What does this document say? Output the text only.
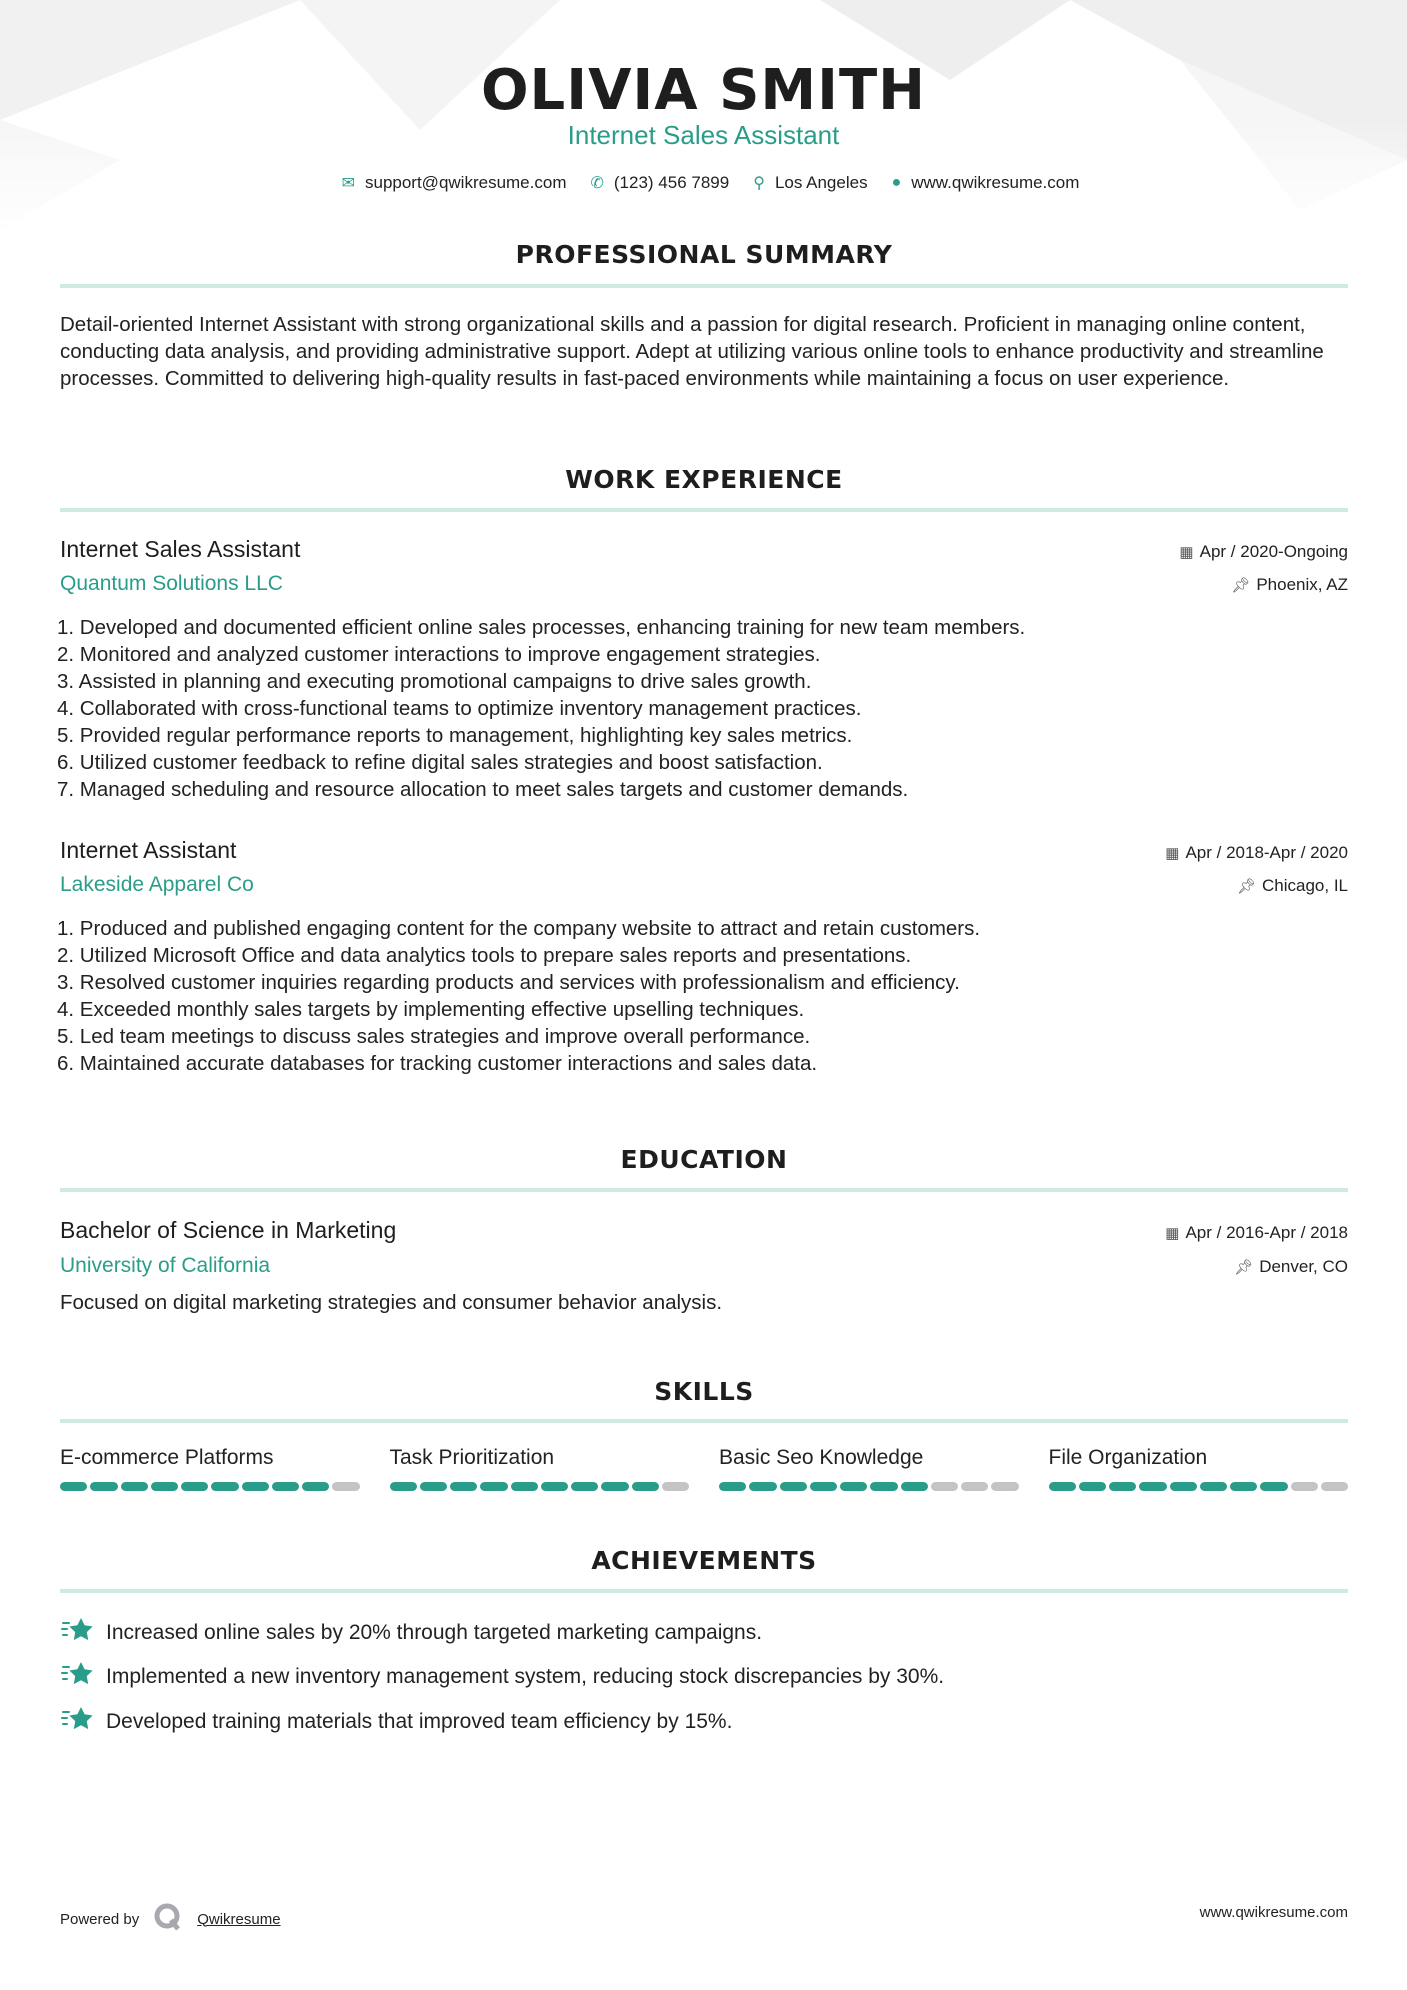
OLIVIA SMITH
Internet Sales Assistant
✉ support@qwikresume.com ✆ (123) 456 7899 ⚲ Los Angeles ● www.qwikresume.com
PROFESSIONAL SUMMARY
Detail-oriented Internet Assistant with strong organizational skills and a passion for digital research. Proficient in managing online content, conducting data analysis, and providing administrative support. Adept at utilizing various online tools to enhance productivity and streamline processes. Committed to delivering high-quality results in fast-paced environments while maintaining a focus on user experience.
WORK EXPERIENCE
Internet Sales Assistant	▦ Apr / 2020-Ongoing
Quantum Solutions LLC	📌︎ Phoenix, AZ
1. Developed and documented efficient online sales processes, enhancing training for new team members.
2. Monitored and analyzed customer interactions to improve engagement strategies.
3. Assisted in planning and executing promotional campaigns to drive sales growth.
4. Collaborated with cross-functional teams to optimize inventory management practices.
5. Provided regular performance reports to management, highlighting key sales metrics.
6. Utilized customer feedback to refine digital sales strategies and boost satisfaction.
7. Managed scheduling and resource allocation to meet sales targets and customer demands.
Internet Assistant	▦ Apr / 2018-Apr / 2020
Lakeside Apparel Co	📌︎ Chicago, IL
1. Produced and published engaging content for the company website to attract and retain customers.
2. Utilized Microsoft Office and data analytics tools to prepare sales reports and presentations.
3. Resolved customer inquiries regarding products and services with professionalism and efficiency.
4. Exceeded monthly sales targets by implementing effective upselling techniques.
5. Led team meetings to discuss sales strategies and improve overall performance.
6. Maintained accurate databases for tracking customer interactions and sales data.
EDUCATION
Bachelor of Science in Marketing	▦ Apr / 2016-Apr / 2018
University of California	📌︎ Denver, CO
Focused on digital marketing strategies and consumer behavior analysis.
SKILLS
E-commerce Platforms	Task Prioritization	Basic Seo Knowledge	File Organization
ACHIEVEMENTS
Increased online sales by 20% through targeted marketing campaigns.
Implemented a new inventory management system, reducing stock discrepancies by 30%.
Developed training materials that improved team efficiency by 15%.
Powered by	Qwikresume	www.qwikresume.com
